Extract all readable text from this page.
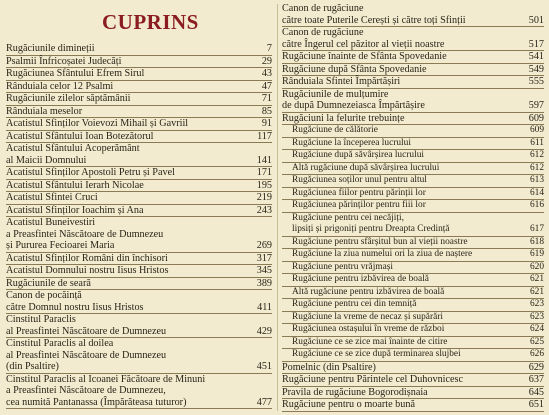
CUPRINS
Rugăciunile dimineții	7
Psalmii Înfricoșatei Judecăți	29
Rugăciunea Sfântului Efrem Sirul	43
Rânduiala celor 12 Psalmi	47
Rugăciunile zilelor săptămânii	71
Rânduiala meselor	85
Acatistul Sfinților Voievozi Mihail și Gavriil	91
Acatistul Sfântului Ioan Botezătorul	117
Acatistul Sfântului Acoperământ
al Maicii Domnului	141
Acatistul Sfinților Apostoli Petru și Pavel	171
Acatistul Sfântului Ierarh Nicolae	195
Acatistul Sfintei Cruci	219
Acatistul Sfinților Ioachim și Ana	243
Acatistul Buneivestiri
a Preasfintei Născătoare de Dumnezeu
și Pururea Fecioarei Maria	269
Acatistul Sfinților Români din închisori	317
Acatistul Domnului nostru Iisus Hristos	345
Rugăciunile de seară	389
Canon de pocăință
către Domnul nostru Iisus Hristos	411
Cinstitul Paraclis
al Preasfintei Născătoare de Dumnezeu	429
Cinstitul Paraclis al doilea
al Preasfintei Născătoare de Dumnezeu
(din Psaltire)	451
Cinstitul Paraclis al Icoanei Făcătoare de Minuni
a Preasfintei Născătoare de Dumnezeu,
cea numită Pantanassa (Împărăteasa tuturor)	477
Canon de rugăciune
către toate Puterile Cerești și către toți Sfinții	501
Canon de rugăciune
către Îngerul cel păzitor al vieții noastre	517
Rugăciune înainte de Sfânta Spovedanie	541
Rugăciune după Sfânta Spovedanie	549
Rânduiala Sfintei Împărtășiri	555
Rugăciunile de mulțumire
de după Dumnezeiasca Împărtășire	597
Rugăciuni la felurite trebuințe	609
Rugăciune de călătorie	609
Rugăciune la începerea lucrului	611
Rugăciune după săvârșirea lucrului	612
Altă rugăciune după săvârșirea lucrului	612
Rugăciunea soților unul pentru altul	613
Rugăciunea fiilor pentru părinții lor	614
Rugăciunea părinților pentru fiii lor	616
Rugăciune pentru cei necăjiți,
lipsiți și prigoniți pentru Dreapta Credință	617
Rugăciune pentru sfârșitul bun al vieții noastre	618
Rugăciune la ziua numelui ori la ziua de naștere	619
Rugăciune pentru vrăjmași	620
Rugăciune pentru izbăvirea de boală	621
Altă rugăciune pentru izbăvirea de boală	621
Rugăciune pentru cei din temniță	623
Rugăciune la vreme de necaz și supărări	623
Rugăciunea ostașului în vreme de război	624
Rugăciune ce se zice mai înainte de citire	625
Rugăciune ce se zice după terminarea slujbei	626
Pomelnic (din Psaltire)	629
Rugăciune pentru Părintele cel Duhovnicesc	637
Pravila de rugăciune Bogorodișnaia	645
Rugăciune pentru o moarte bună	651
